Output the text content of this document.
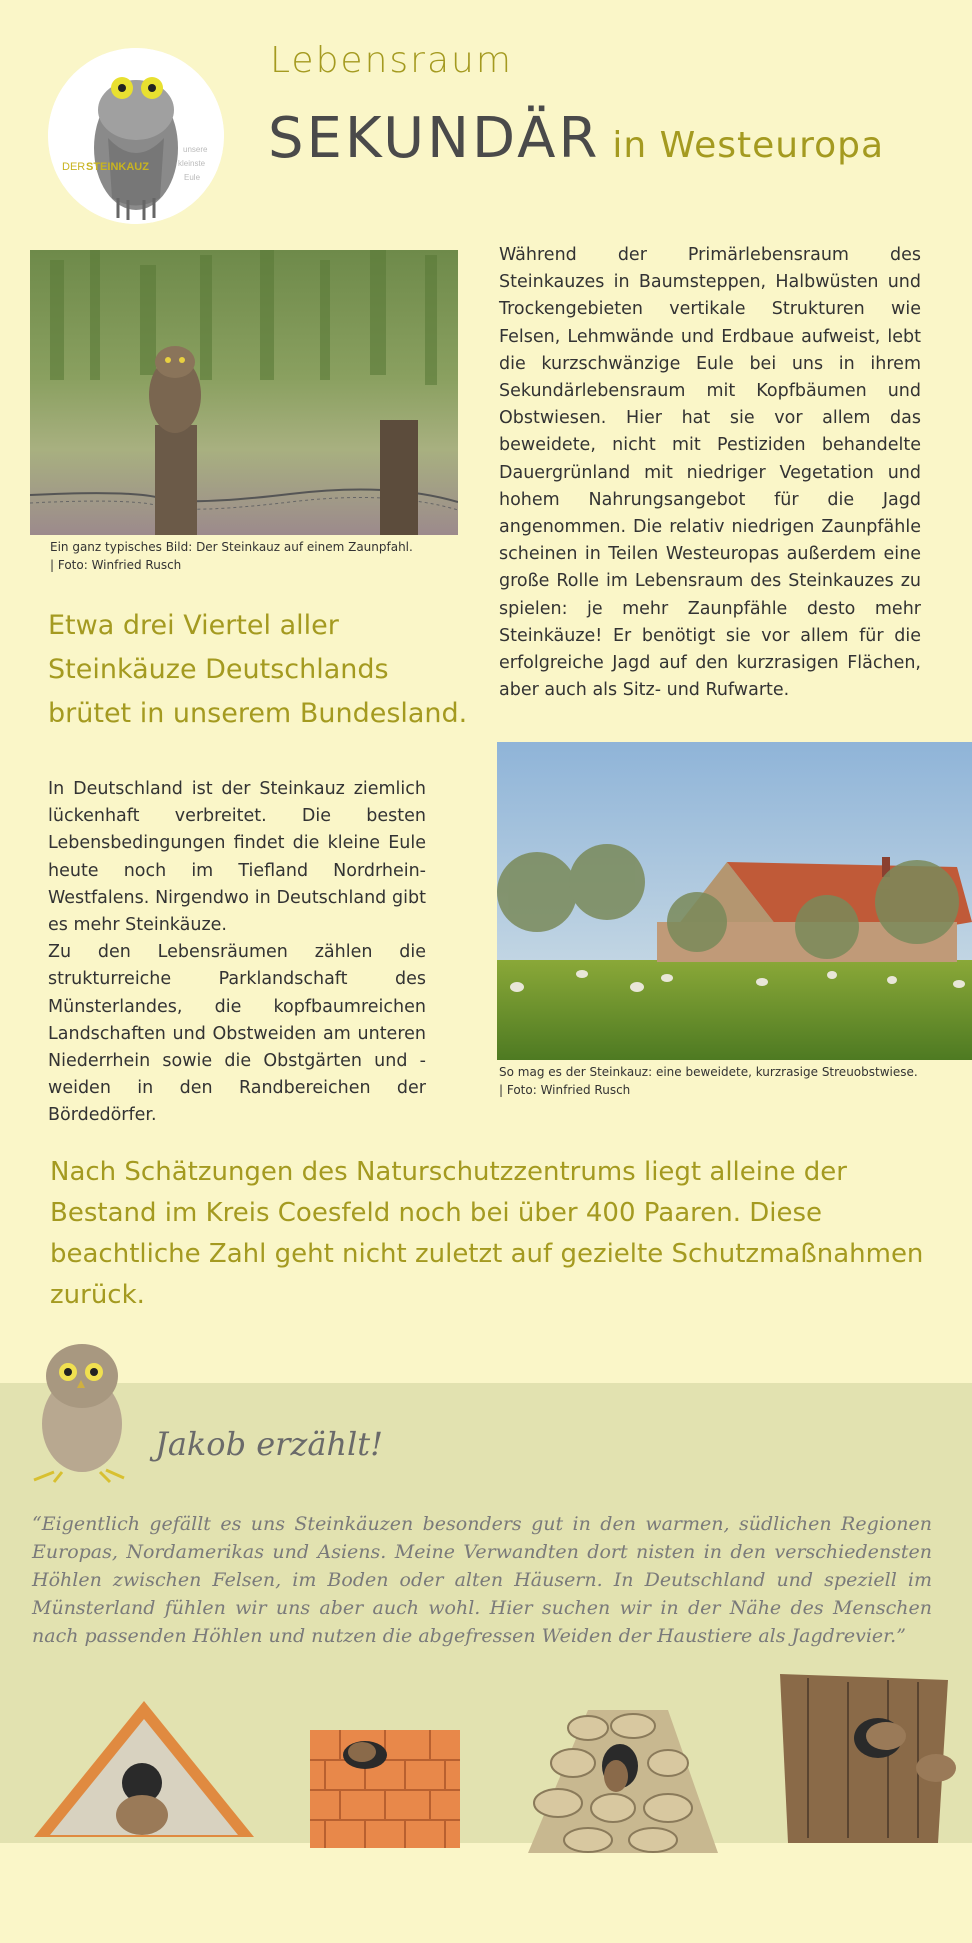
DER STEINKAUZ
unsere
kleinste
Eule
Lebensraum
SEKUNDÄR in Westeuropa
Ein ganz typisches Bild: Der Steinkauz auf einem Zaunpfahl.
| Foto: Winfried Rusch
Während der Primärlebensraum des Steinkauzes in Baumsteppen, Halbwüsten und Trockengebieten vertikale Strukturen wie Felsen, Lehmwände und Erdbaue aufweist, lebt die kurzschwänzige Eule bei uns in ihrem Sekundärlebensraum mit Kopfbäumen und Obstwiesen. Hier hat sie vor allem das beweidete, nicht mit Pestiziden behandelte Dauergrünland mit niedriger Vegetation und hohem Nahrungsangebot für die Jagd angenommen. Die relativ niedrigen Zaunpfähle scheinen in Teilen Westeuropas außerdem eine große Rolle im Lebensraum des Steinkauzes zu spielen: je mehr Zaunpfähle desto mehr Steinkäuze! Er benötigt sie vor allem für die erfolgreiche Jagd auf den kurzrasigen Flächen, aber auch als Sitz- und Rufwarte.
Etwa drei Viertel aller Steinkäuze Deutschlands brütet in unserem Bundesland.

In Deutschland ist der Steinkauz ziemlich lückenhaft verbreitet. Die besten Lebensbedingungen findet die kleine Eule heute noch im Tiefland Nordrhein-Westfalens. Nirgendwo in Deutschland gibt es mehr Steinkäuze.

Zu den Lebensräumen zählen die strukturreiche Parklandschaft des Münsterlandes, die kopfbaumreichen Landschaften und Obstweiden am unteren Niederrhein sowie die Obstgärten und -weiden in den Randbereichen der Bördedörfer.

So mag es der Steinkauz: eine beweidete, kurzrasige Streuobstwiese.
| Foto: Winfried Rusch
Nach Schätzungen des Naturschutzzentrums liegt alleine der Bestand im Kreis Coesfeld noch bei über 400 Paaren. Diese beachtliche Zahl geht nicht zuletzt auf gezielte Schutzmaßnahmen zurück.
Jakob erzählt!
“Eigentlich gefällt es uns Steinkäuzen besonders gut in den warmen, südlichen Regionen Europas, Nordamerikas und Asiens. Meine Verwandten dort nisten in den verschiedensten Höhlen zwischen Felsen, im Boden oder alten Häusern. In Deutschland und speziell im Münsterland fühlen wir uns aber auch wohl. Hier suchen wir in der Nähe des Menschen nach passenden Höhlen und nutzen die abgefressen Weiden der Haustiere als Jagdrevier.”
